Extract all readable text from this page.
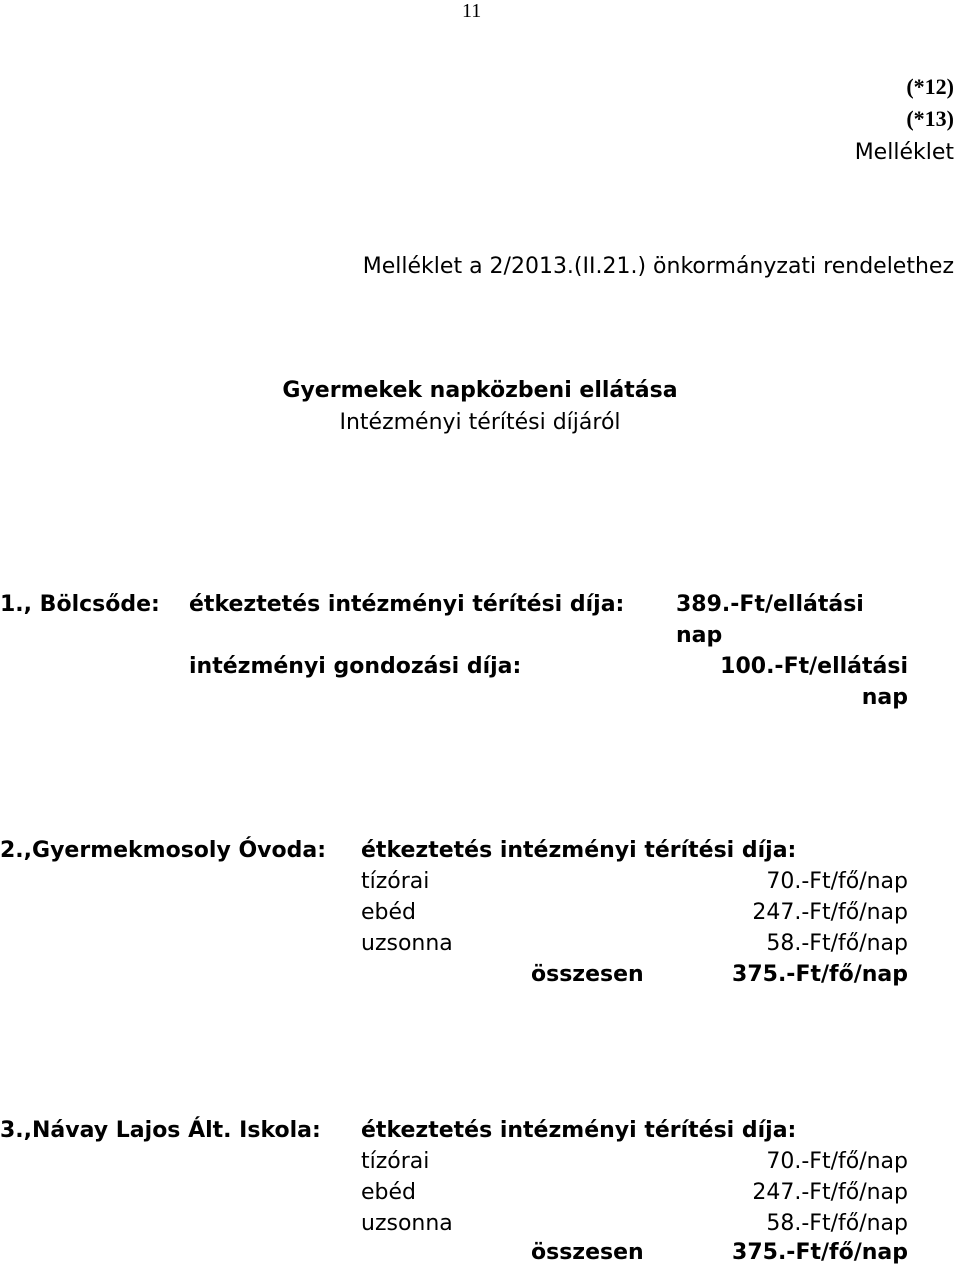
11
(*12)
(*13)
Melléklet
Melléklet a 2/2013.(II.21.) önkormányzati rendelethez
Gyermekek napközbeni ellátása
Intézményi térítési díjáról
1., Bölcsőde: étkeztetés intézményi térítési díja: 389.-Ft/ellátási
nap
intézményi gondozási díja:	100.-Ft/ellátási
nap
2.,Gyermekmosoly Óvoda: étkeztetés intézményi térítési díja:
tízórai	70.-Ft/fő/nap
ebéd	247.-Ft/fő/nap
uzsonna	58.-Ft/fő/nap
összesen	375.-Ft/fő/nap
3.,Návay Lajos Ált. Iskola: étkeztetés intézményi térítési díja:
tízórai	70.-Ft/fő/nap
ebéd	247.-Ft/fő/nap
uzsonna	58.-Ft/fő/nap
összesen	375.-Ft/fő/nap
